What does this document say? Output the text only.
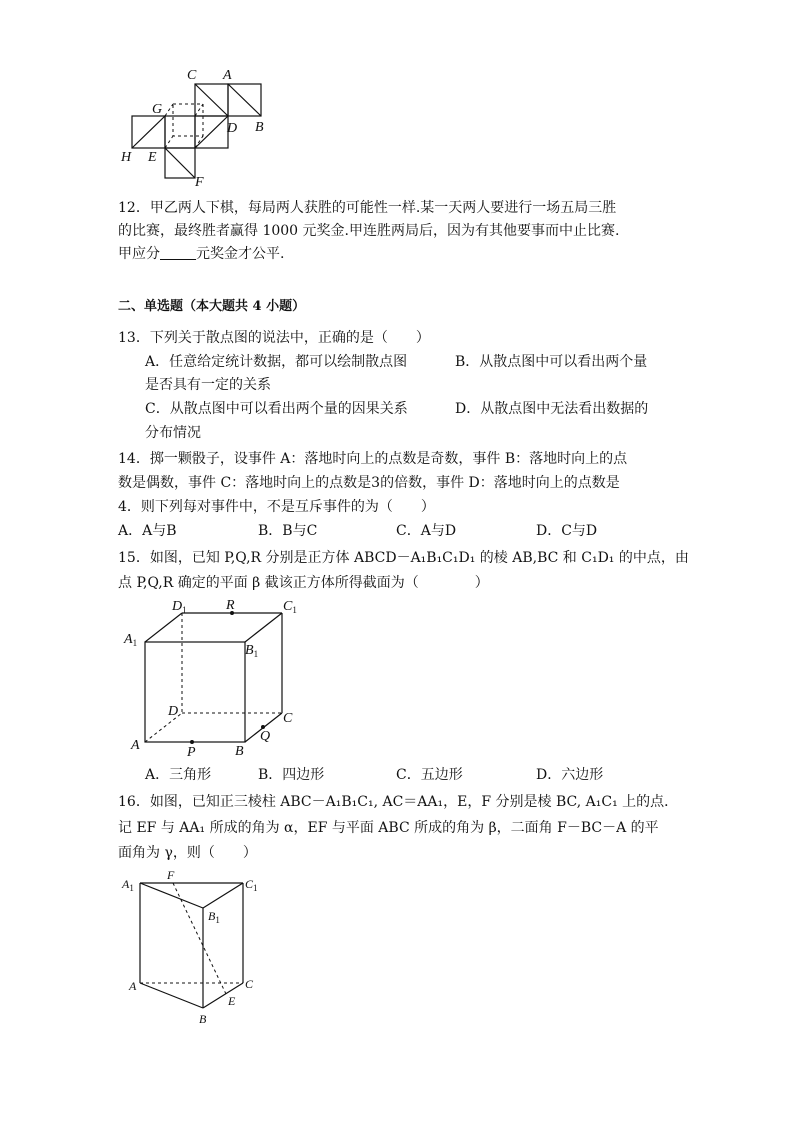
C A
G
D B
H E
F
12．甲乙两人下棋，每局两人获胜的可能性一样.某一天两人要进行一场五局三胜
的比赛，最终胜者赢得 1000 元奖金.甲连胜两局后，因为有其他要事而中止比赛.
甲应分	元奖金才公平.
二、单选题（本大题共 4 小题）
13．下列关于散点图的说法中，正确的是（　　）
A．任意给定统计数据，都可以绘制散点图	B．从散点图中可以看出两个量
是否具有一定的关系
C．从散点图中可以看出两个量的因果关系	D．从散点图中无法看出数据的
分布情况
14．掷一颗骰子，设事件 A：落地时向上的点数是奇数，事件 B：落地时向上的点
数是偶数，事件 C：落地时向上的点数是3的倍数，事件 D：落地时向上的点数是
4．则下列每对事件中，不是互斥事件的为（　　）
A．A与B	B．B与C	C．A与D	D．C与D
15．如图，已知 P,Q,R 分别是正方体 ABCD－A₁B₁C₁D₁ 的棱 AB,BC 和 C₁D₁ 的中点，由
点 P,Q,R 确定的平面 β 截该正方体所得截面为（　　　　）
$D_1$	R	$C_1$
$A_1$	$B_1$
D	C
Q
A	P	B
A．三角形	B．四边形	C．五边形	D．六边形
16．如图，已知正三棱柱 ABC－A₁B₁C₁, AC＝AA₁，E，F 分别是棱 BC, A₁C₁ 上的点．
记 EF 与 AA₁ 所成的角为 α，EF 与平面 ABC 所成的角为 β，二面角 F－BC－A 的平
面角为 γ，则（　　）
$A_1$
F
$C_1$
$B_1$
A	C
E
B
